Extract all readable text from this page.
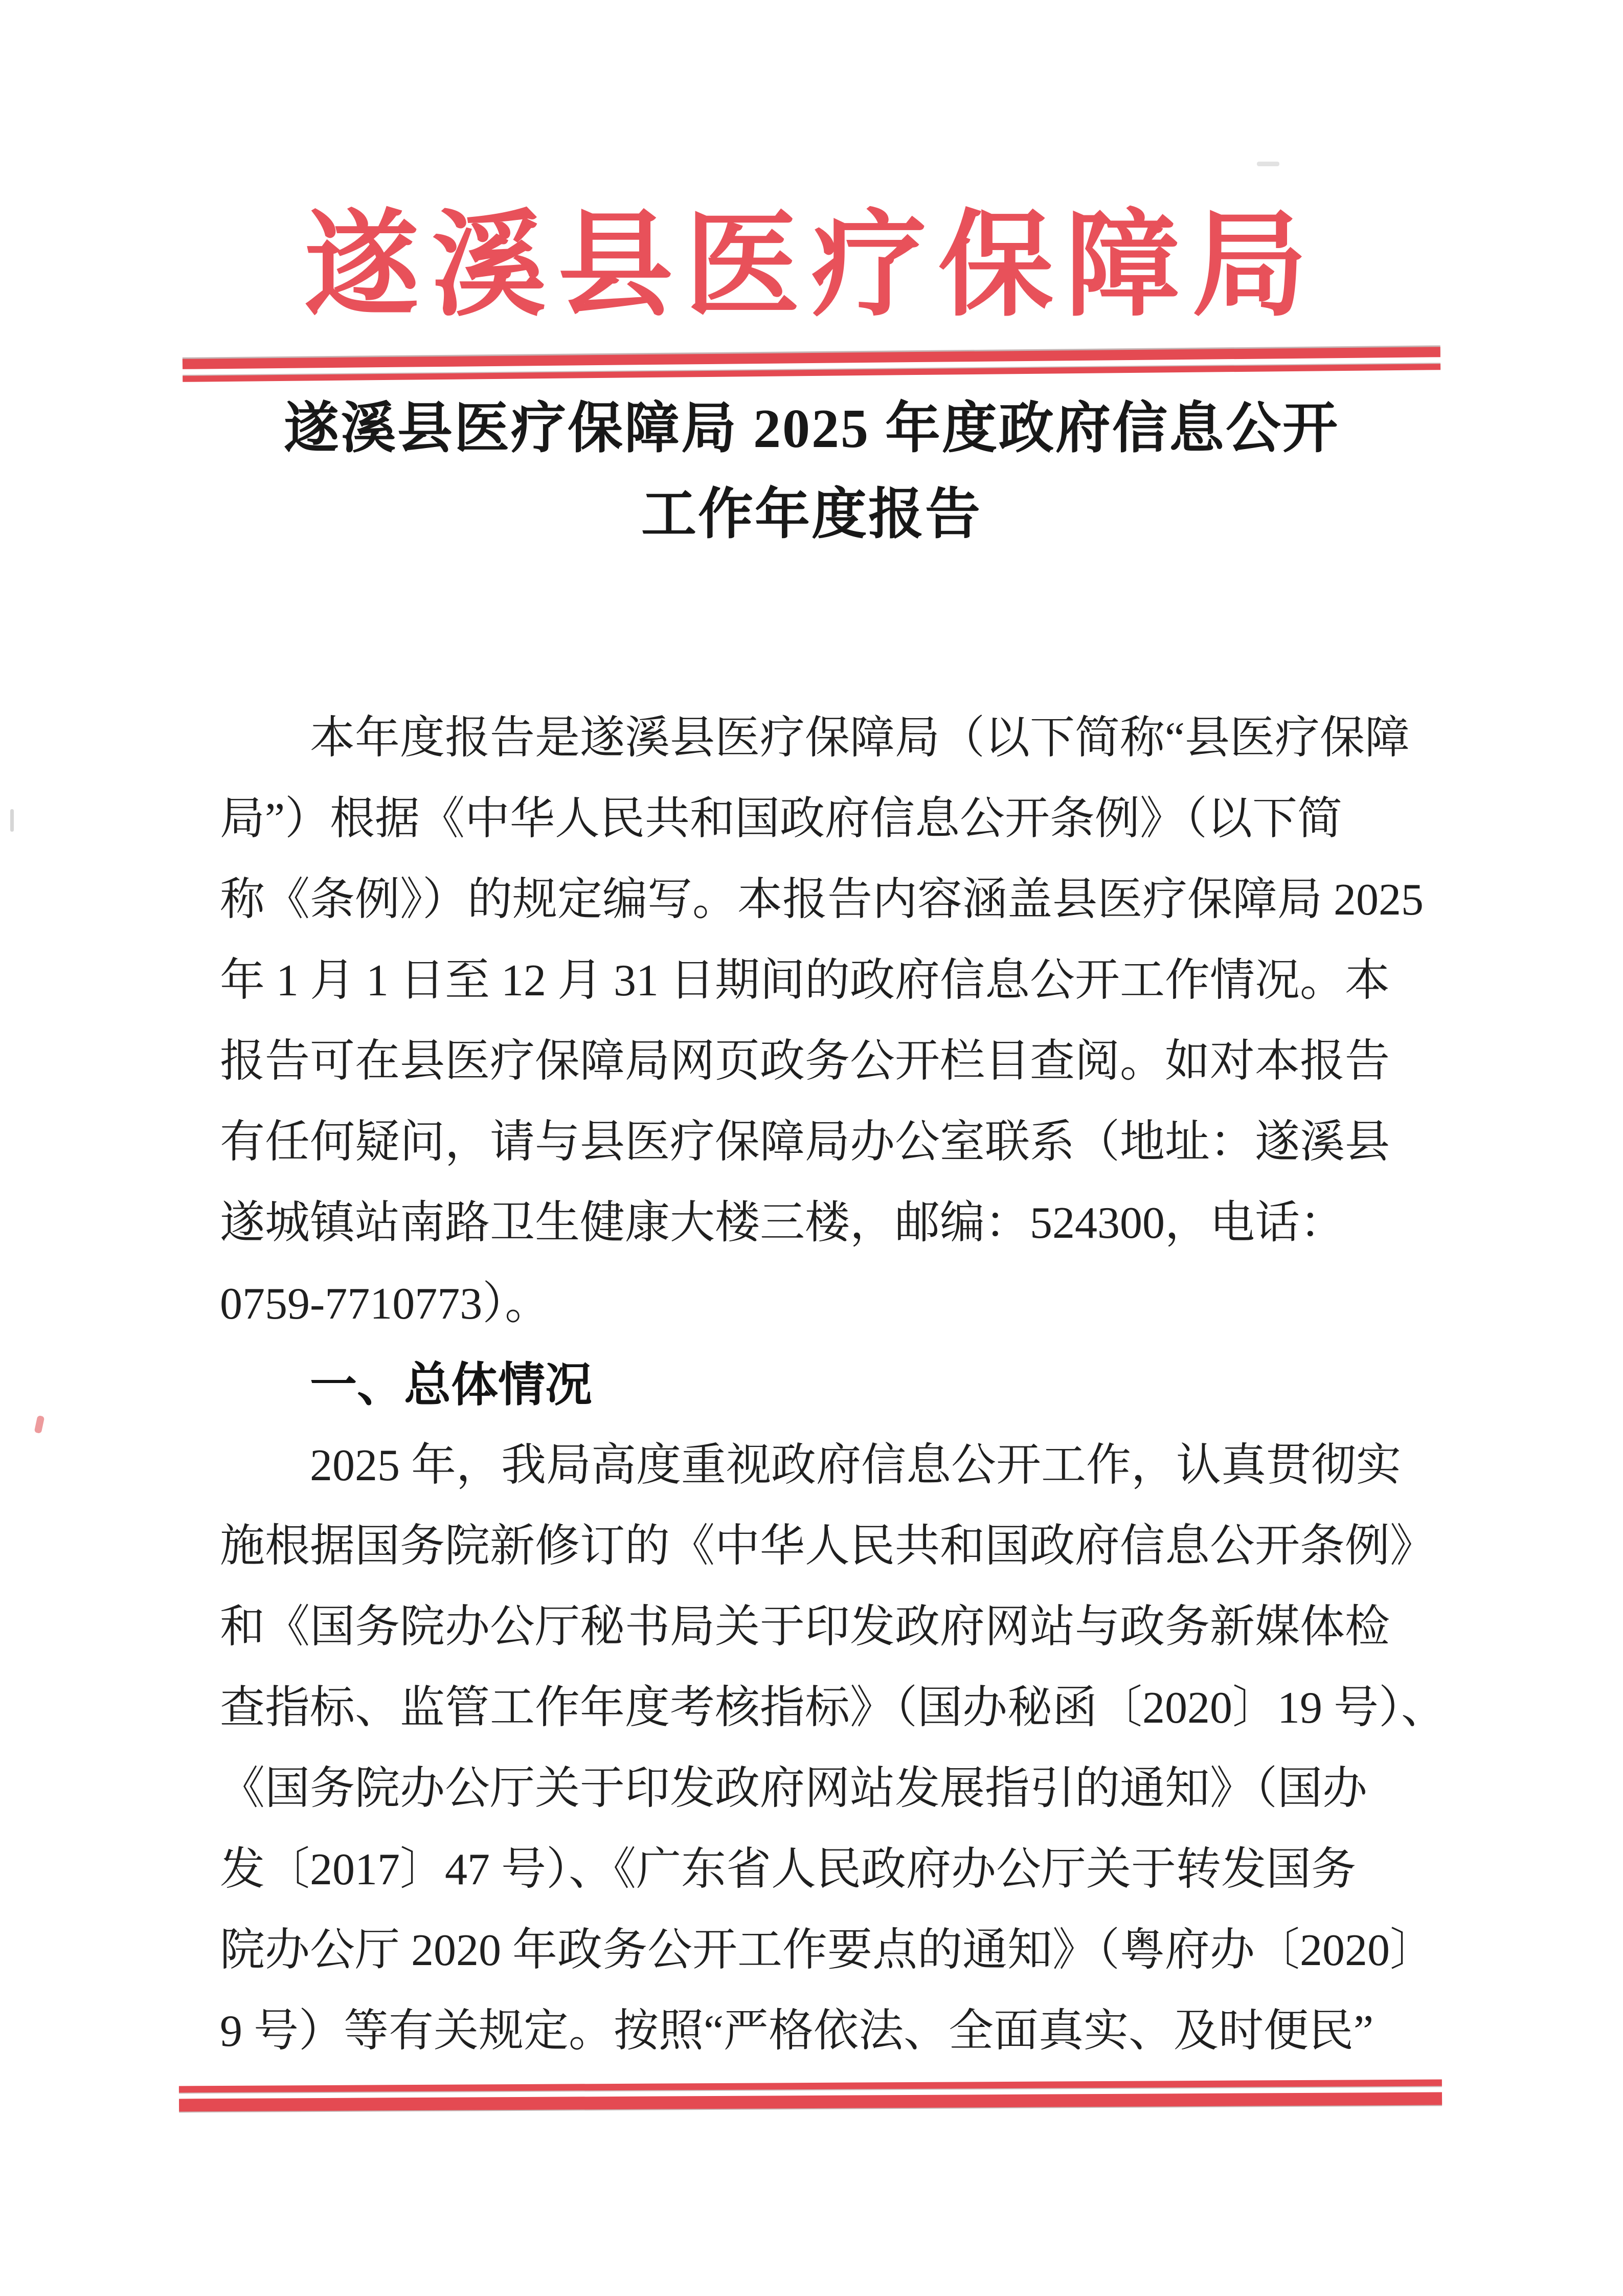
遂溪县医疗保障局
遂溪县医疗保障局 2025 年度政府信息公开
工作年度报告
本年度报告是遂溪县医疗保障局（以下简称“县医疗保障
局”）根据《中华人民共和国政府信息公开条例》（以下简
称《条例》）的规定编写。本报告内容涵盖县医疗保障局 2025
年 1 月 1 日至 12 月 31 日期间的政府信息公开工作情况。本
报告可在县医疗保障局网页政务公开栏目查阅。如对本报告
有任何疑问，请与县医疗保障局办公室联系（地址：遂溪县
遂城镇站南路卫生健康大楼三楼，邮编：524300，电话：
0759-7710773）。
一、总体情况
2025 年，我局高度重视政府信息公开工作，认真贯彻实
施根据国务院新修订的《中华人民共和国政府信息公开条例》
和《国务院办公厅秘书局关于印发政府网站与政务新媒体检
查指标、监管工作年度考核指标》（国办秘函〔2020〕19 号）、
《国务院办公厅关于印发政府网站发展指引的通知》（国办
发〔2017〕47 号）、《广东省人民政府办公厅关于转发国务
院办公厅 2020 年政务公开工作要点的通知》（粤府办〔2020〕
9 号）等有关规定。按照“严格依法、全面真实、及时便民”
